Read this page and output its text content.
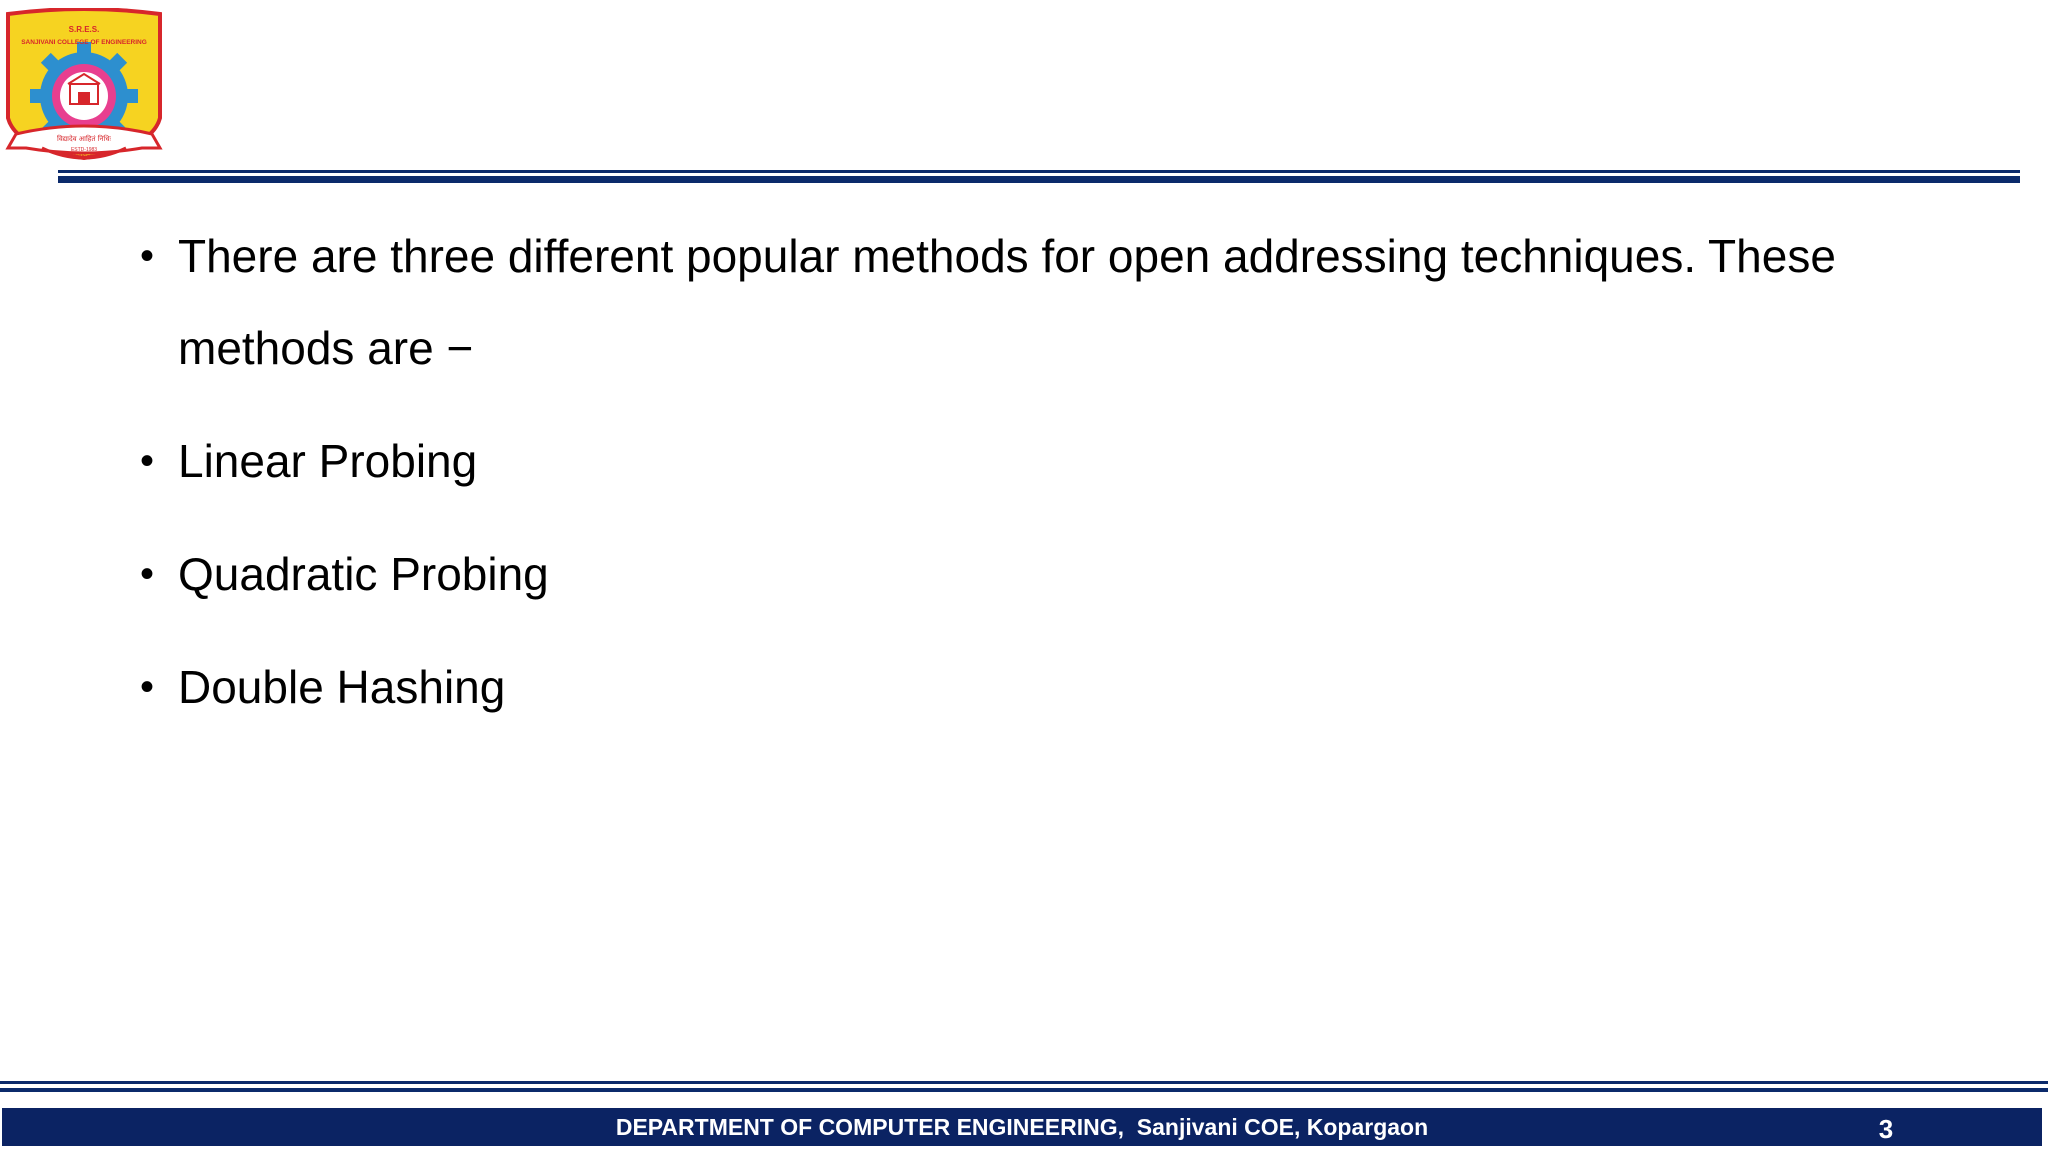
S.R.E.S.
SANJIVANI COLLEGE OF ENGINEERING
विद्यादेव आहितं निधिः
ESTD-1983
KOPARGAON
• There are three different popular methods for open addressing techniques. These methods are −
• Linear Probing
• Quadratic Probing
• Double Hashing
DEPARTMENT OF COMPUTER ENGINEERING,  Sanjivani COE, Kopargaon	3
